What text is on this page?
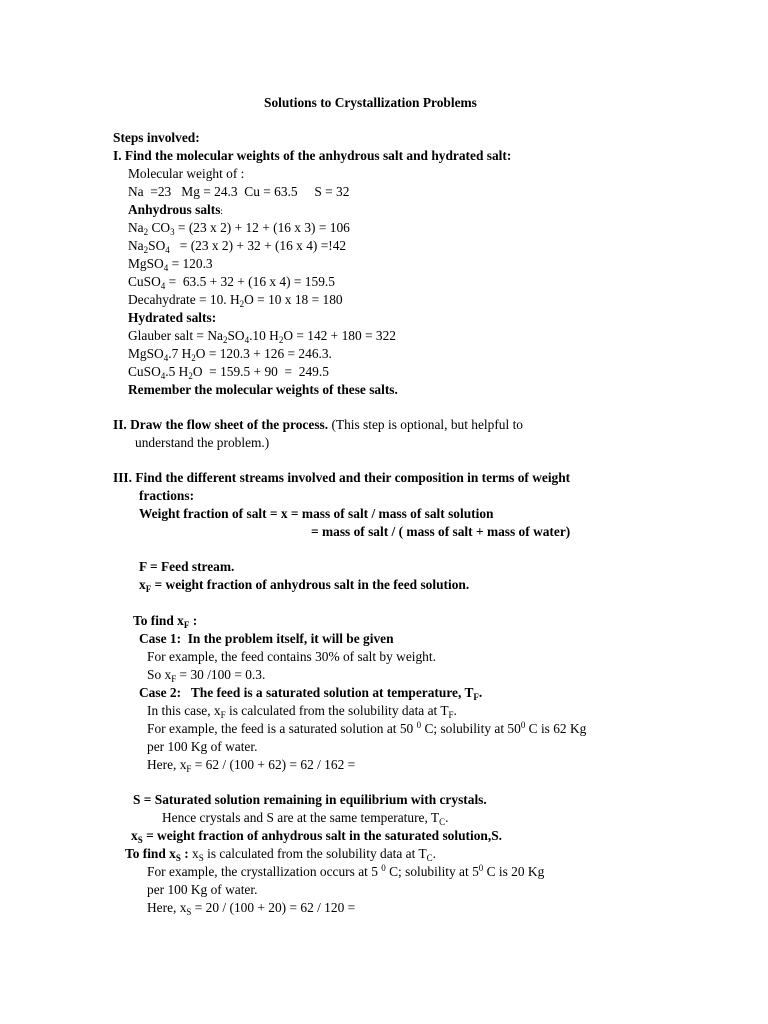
Solutions to Crystallization Problems
Steps involved:
I. Find the molecular weights of the anhydrous salt and hydrated salt:
Molecular weight of :
Na  =23   Mg = 24.3  Cu = 63.5     S = 32
Anhydrous salts:
$Na_2$ $CO_3 = (23$ x 2) + 12 + (16 x 3) = 106
$Na_2SO_4 = (23$ x 2) + 32 + (16 x 4) =!42
MgSO$_4$ = 120.3
CuSO$_4$ =  63.5 + 32 + (16 x 4) = 159.5
Decahydrate = 10. $H_2O = 10$ x 18 = 180
Hydrated salts:
Glauber salt = $Na_2SO_4.10$ $H_2O = 142 + 180 = 322$
MgSO$_4$.7 $H_2O = 120.3 + 126 = 246.3$.
CuSO$_4$.5 $H_2O = 159.5 + 90 = 249.5$
Remember the molecular weights of these salts.
II. Draw the flow sheet of the process. (This step is optional, but helpful to
understand the problem.)
III. Find the different streams involved and their composition in terms of weight
fractions:
Weight fraction of salt = x = mass of salt / mass of salt solution
= mass of salt / ( mass of salt + mass of water)
F = Feed stream.
$x_F$ = weight fraction of anhydrous salt in the feed solution.
To find $x_F$ :
Case 1:  In the problem itself, it will be given
For example, the feed contains 30% of salt by weight.
So $x_F = 30$ /100 = 0.3.
Case 2:   The feed is a saturated solution at temperature, $T_F$.
In this case, $x_F$ is calculated from the solubility data at $T_F$.
For example, the feed is a saturated solution at 50 $^0$ C; solubility at $50^0$ C is 62 Kg
per 100 Kg of water.
Here, $x_F = 62 / (100 + 62) = 62 / 162$ =
S = Saturated solution remaining in equilibrium with crystals.
Hence crystals and S are at the same temperature, $T_C$.
$x_S$ = weight fraction of anhydrous salt in the saturated solution,S.
To find $x_S$ : $x_S$ is calculated from the solubility data at $T_C$.
For example, the crystallization occurs at 5 $^0$ C; solubility at $5^0$ C is 20 Kg
per 100 Kg of water.
Here, $x_S = 20 / (100 + 20) = 62 / 120$ =
